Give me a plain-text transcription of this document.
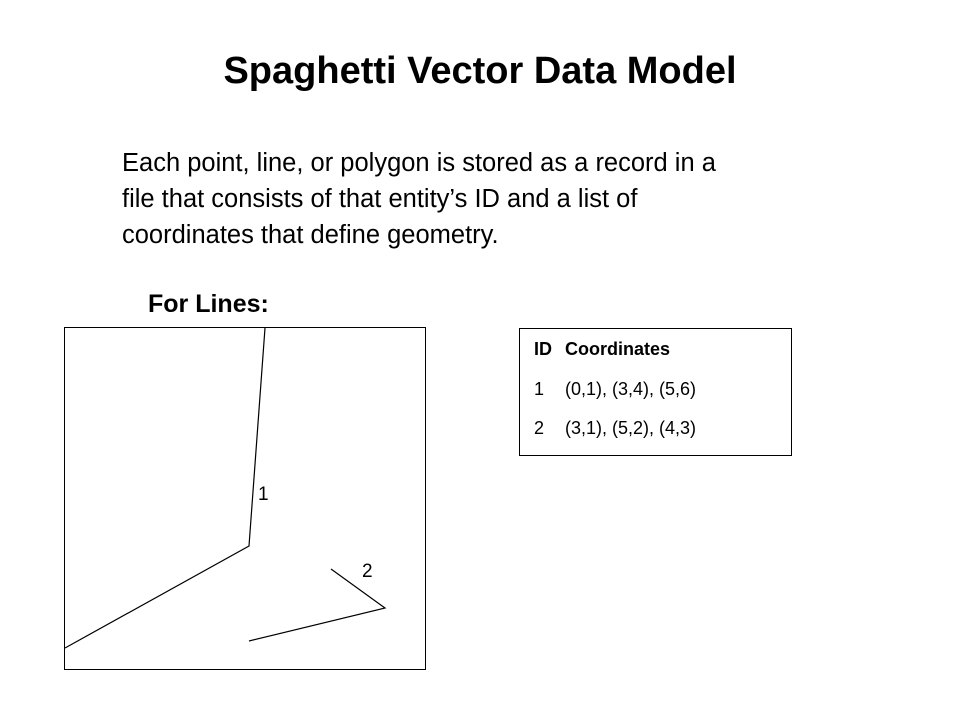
Spaghetti Vector Data Model

Each point, line, or polygon is stored as a record in a
file that consists of that entity’s ID and a list of
coordinates that define geometry.

For Lines:
1
2
ID Coordinates
1 (0,1), (3,4), (5,6)
2 (3,1), (5,2), (4,3)
